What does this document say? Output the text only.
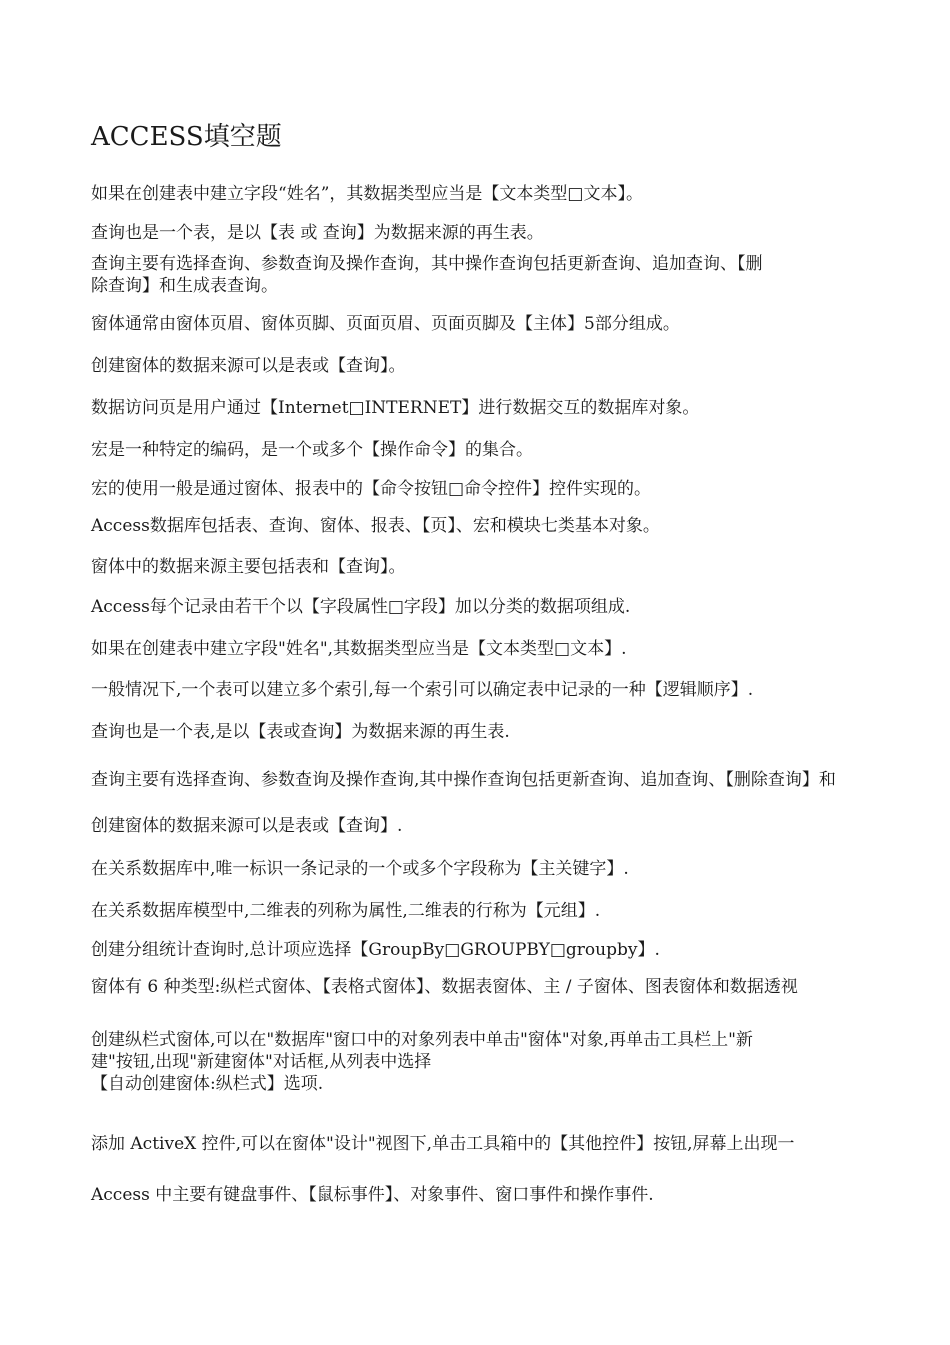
ACCESS填空题
如果在创建表中建立字段“姓名”，其数据类型应当是【文本类型□文本】。
查询也是一个表，是以【表 或 查询】为数据来源的再生表。
查询主要有选择查询、参数查询及操作查询，其中操作查询包括更新查询、追加查询、【删
除查询】和生成表查询。
窗体通常由窗体页眉、窗体页脚、页面页眉、页面页脚及【主体】5部分组成。
创建窗体的数据来源可以是表或【查询】。
数据访问页是用户通过【Internet□INTERNET】进行数据交互的数据库对象。
宏是一种特定的编码，是一个或多个【操作命令】的集合。
宏的使用一般是通过窗体、报表中的【命令按钮□命令控件】控件实现的。
Access数据库包括表、查询、窗体、报表、【页】、宏和模块七类基本对象。
窗体中的数据来源主要包括表和【查询】。
Access每个记录由若干个以【字段属性□字段】加以分类的数据项组成.
如果在创建表中建立字段"姓名",其数据类型应当是【文本类型□文本】.
一般情况下,一个表可以建立多个索引,每一个索引可以确定表中记录的一种【逻辑顺序】.
查询也是一个表,是以【表或查询】为数据来源的再生表.
查询主要有选择查询、参数查询及操作查询,其中操作查询包括更新查询、追加查询、【删除查询】和
创建窗体的数据来源可以是表或【查询】.
在关系数据库中,唯一标识一条记录的一个或多个字段称为【主关键字】.
在关系数据库模型中,二维表的列称为属性,二维表的行称为【元组】.
创建分组统计查询时,总计项应选择【GroupBy□GROUPBY□groupby】.
窗体有 6 种类型:纵栏式窗体、【表格式窗体】、数据表窗体、主 / 子窗体、图表窗体和数据透视
创建纵栏式窗体,可以在"数据库"窗口中的对象列表中单击"窗体"对象,再单击工具栏上"新
建"按钮,出现"新建窗体"对话框,从列表中选择
【自动创建窗体:纵栏式】选项.
添加 ActiveX 控件,可以在窗体"设计"视图下,单击工具箱中的【其他控件】按钮,屏幕上出现一
Access 中主要有键盘事件、【鼠标事件】、对象事件、窗口事件和操作事件.
